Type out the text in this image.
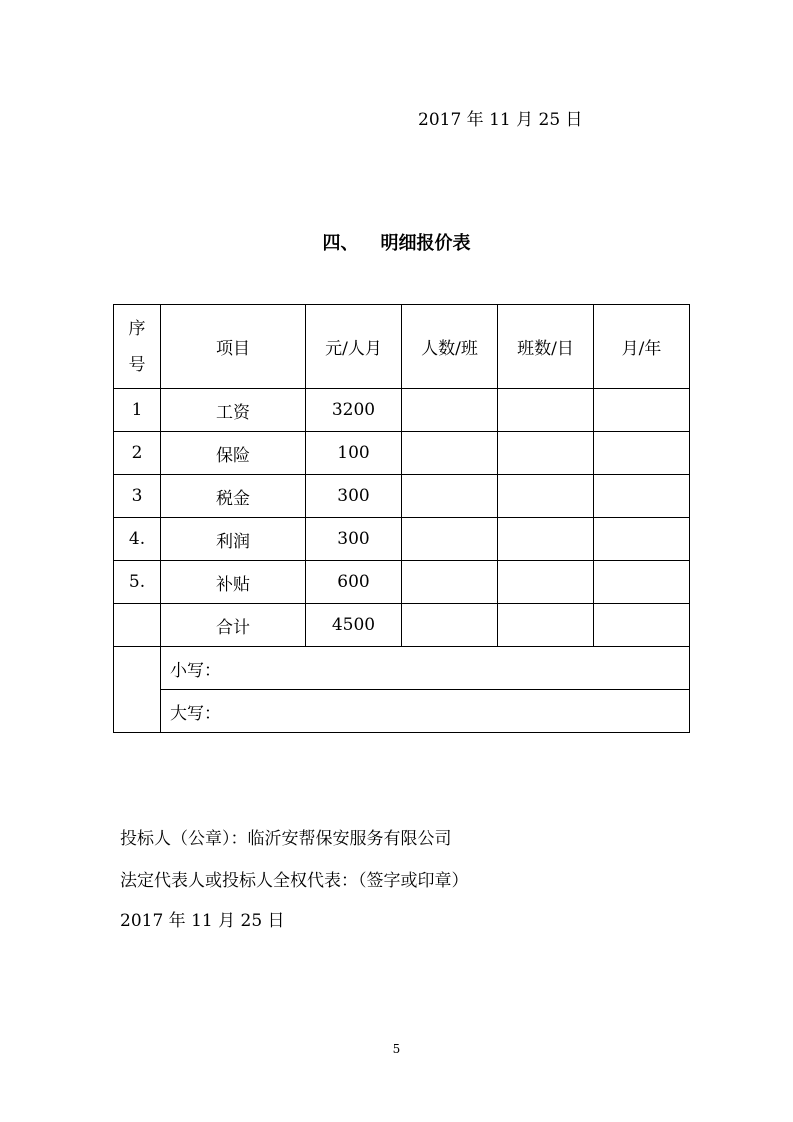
2017 年 11 月 25 日
四、 明细报价表
序
号	项目	元/人月	人数/班	班数/日	月/年
1	工资	3200			
2	保险	100			
3	税金	300			
4.	利润	300			
5.	补贴	600			
	合计	4500			
	小写：				
	大写：				
投标人（公章）：临沂安帮保安服务有限公司
法定代表人或投标人全权代表：（签字或印章）
2017 年 11 月 25 日
5
